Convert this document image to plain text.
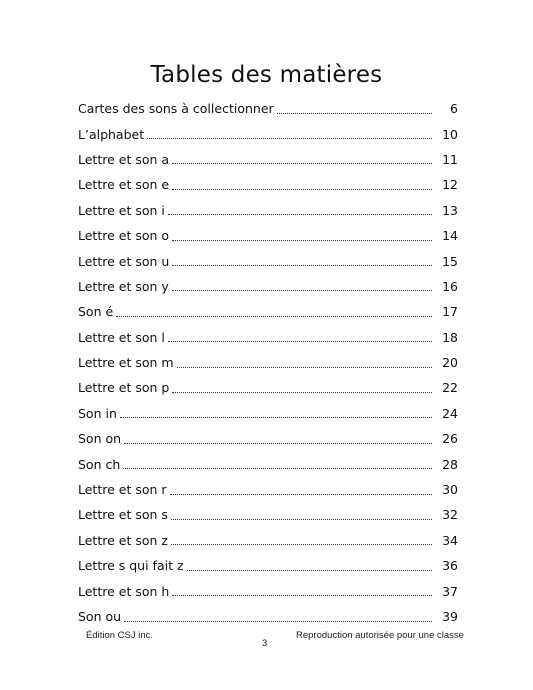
Tables des matières
Cartes des sons à collectionner	6
L’alphabet	10
Lettre et son a	11
Lettre et son e	12
Lettre et son i	13
Lettre et son o	14
Lettre et son u	15
Lettre et son y	16
Son é	17
Lettre et son l	18
Lettre et son m	20
Lettre et son p	22
Son in	24
Son on	26
Son ch	28
Lettre et son r	30
Lettre et son s	32
Lettre et son z	34
Lettre s qui fait z	36
Lettre et son h	37
Son ou	39
Édition CSJ inc.
3
Reproduction autorisée pour une classe
